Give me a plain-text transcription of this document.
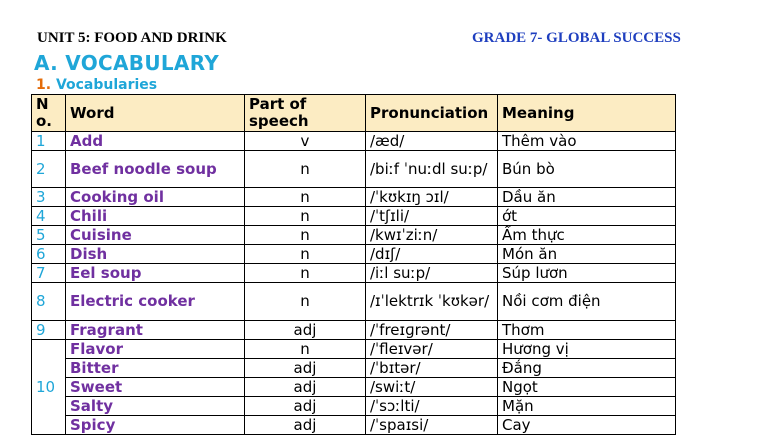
UNIT 5: FOOD AND DRINK	GRADE 7- GLOBAL SUCCESS
A. VOCABULARY
1. Vocabularies
N o.	Word	Part of speech	Pronunciation	Meaning
1	Add	v	/æd/	Thêm vào
2	Beef noodle soup	n	/biːf ˈnuːdl suːp/	Bún bò
3	Cooking oil	n	/ˈkʊkɪŋ ɔɪl/	Dầu ăn
4	Chili	n	/ˈtʃɪli/	ớt
5	Cuisine	n	/kwɪˈziːn/	Ẩm thực
6	Dish	n	/dɪʃ/	Món ăn
7	Eel soup	n	/iːl suːp/	Súp lươn
8	Electric cooker	n	/ɪˈlektrɪk ˈkʊkər/	Nồi cơm điện
9	Fragrant	adj	/ˈfreɪɡrənt/	Thơm
10	Flavor	n	/ˈfleɪvər/	Hương vị
	Bitter	adj	/ˈbɪtər/	Đắng
	Sweet	adj	/swiːt/	Ngọt
	Salty	adj	/ˈsɔːlti/	Mặn
	Spicy	adj	/ˈspaɪsi/	Cay
